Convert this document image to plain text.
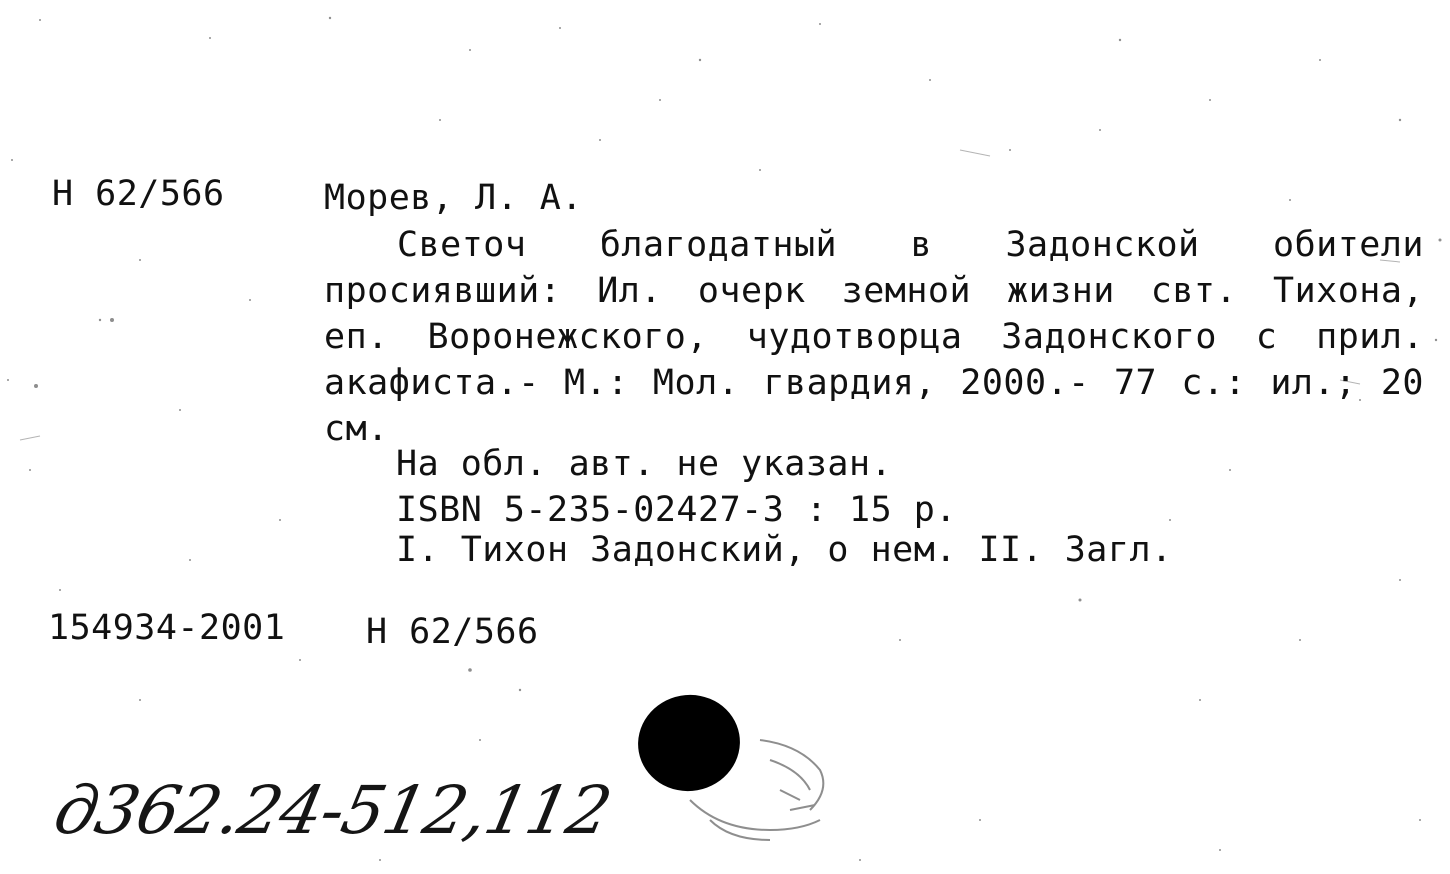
Н 62/566	Морев, Л. А.
Светоч благодатный в Задонской обители просиявший: Ил. очерк земной жизни свт. Тихона, еп. Воронежского, чудотворца Задонского с прил. акафиста.- М.: Мол. гвардия, 2000.- 77 с.: ил.; 20 см.
На обл. авт. не указан.
ISBN 5-235-02427-3 : 15 р.
I. Тихон Задонский, о нем. II. Загл.
154934-2001 Н 62/566
д362.24-512,112
